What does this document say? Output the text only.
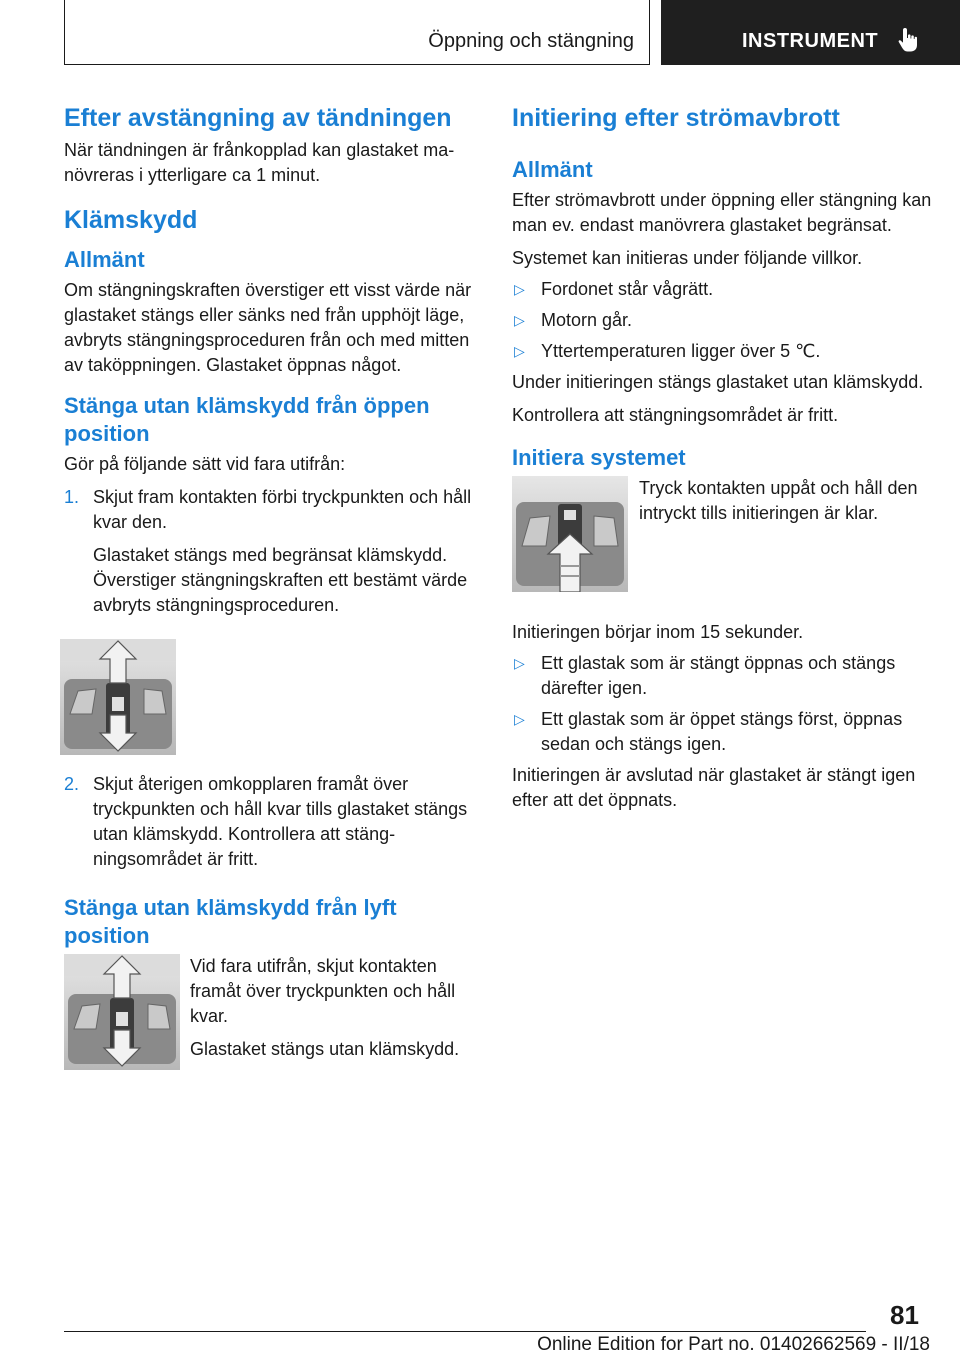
Öppning och stängning	INSTRUMENT
Efter avstängning av tändningen

När tändningen är frånkopplad kan glastaket manövreras i ytterligare ca 1 minut.

Klämskydd
Allmänt

Om stängningskraften överstiger ett visst värde när glastaket stängs eller sänks ned från upphöjt läge, avbryts stängningsproceduren från och med mitten av taköppningen. Glastaket öppnas något.

Stänga utan klämskydd från öppen position

Gör på följande sätt vid fara utifrån:

1. Skjut fram kontakten förbi tryckpunkten och håll kvar den.
Glastaket stängs med begränsat klämskydd. Överstiger stängningskraften ett bestämt värde avbryts stängningsproceduren.
2. Skjut återigen omkopplaren framåt över tryckpunkten och håll kvar tills glastaket stängs utan klämskydd. Kontrollera att stängningsområdet är fritt.
Stänga utan klämskydd från lyft position

Vid fara utifrån, skjut kontakten framåt över tryckpunkten och håll kvar.

Glastaket stängs utan klämskydd.

Initiering efter strömavbrott
Allmänt

Efter strömavbrott under öppning eller stängning kan man ev. endast manövrera glastaket begränsat.

Systemet kan initieras under följande villkor.

▷ Fordonet står vågrätt.
▷ Motorn går.
▷ Yttertemperaturen ligger över 5 ℃.

Under initieringen stängs glastaket utan klämskydd.

Kontrollera att stängningsområdet är fritt.

Initiera systemet

Tryck kontakten uppåt och håll den intryckt tills initieringen är klar.

Initieringen börjar inom 15 sekunder.

▷ Ett glastak som är stängt öppnas och stängs därefter igen.
▷ Ett glastak som är öppet stängs först, öppnas sedan och stängs igen.

Initieringen är avslutad när glastaket är stängt igen efter att det öppnats.

81
Online Edition for Part no. 01402662569 - II/18
